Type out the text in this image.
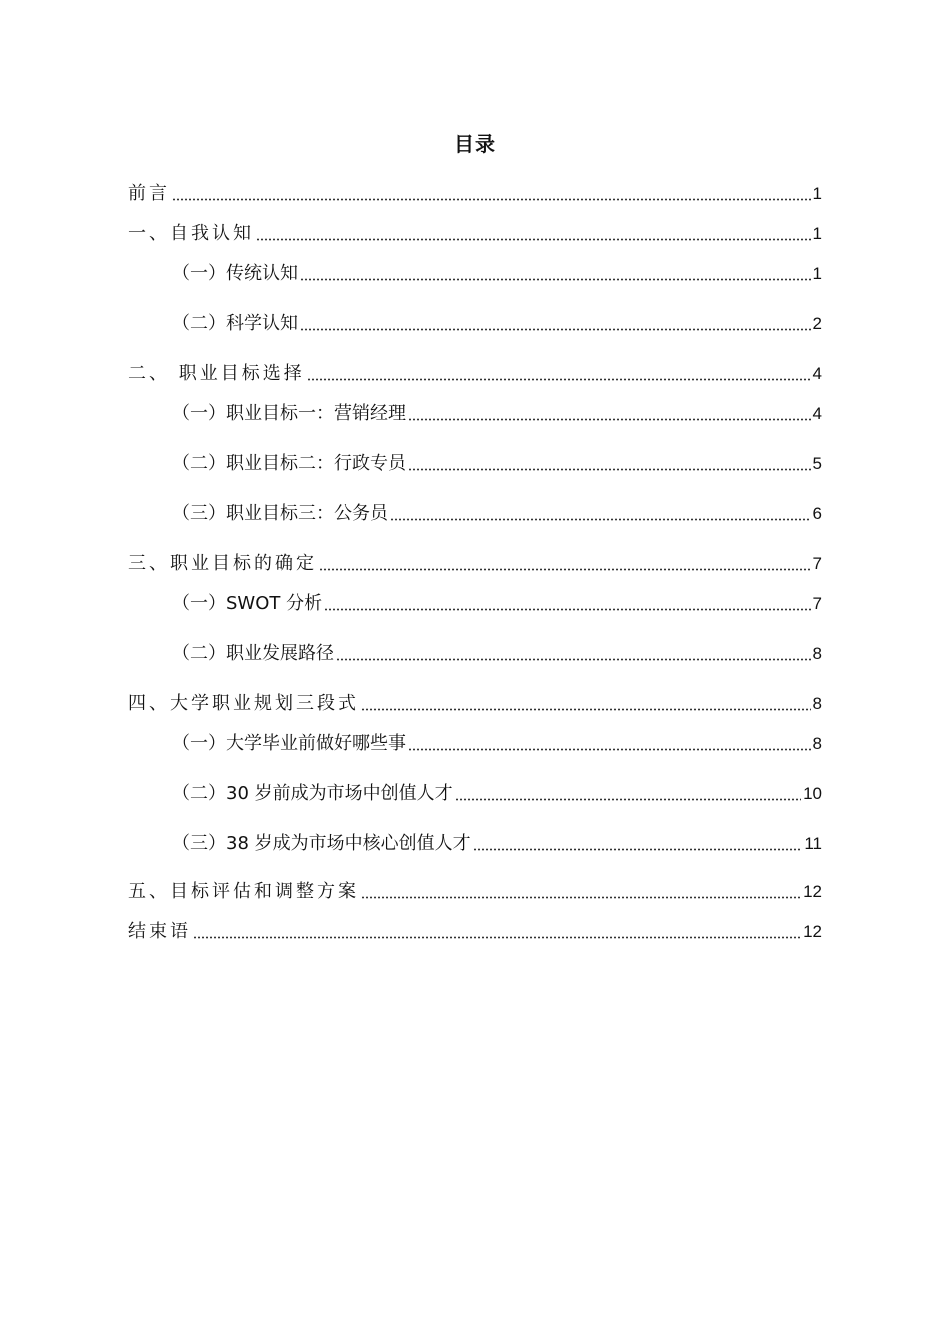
目录
前言	1
一、自我认知	1
（一）传统认知	1
（二）科学认知	2
二、 职业目标选择	4
（一）职业目标一：营销经理	4
（二）职业目标二：行政专员	5
（三）职业目标三：公务员	6
三、职业目标的确定	7
（一）SWOT 分析	7
（二）职业发展路径	8
四、大学职业规划三段式	8
（一）大学毕业前做好哪些事	8
（二）30 岁前成为市场中创值人才	10
（三）38 岁成为市场中核心创值人才	11
五、目标评估和调整方案	12
结束语	12
